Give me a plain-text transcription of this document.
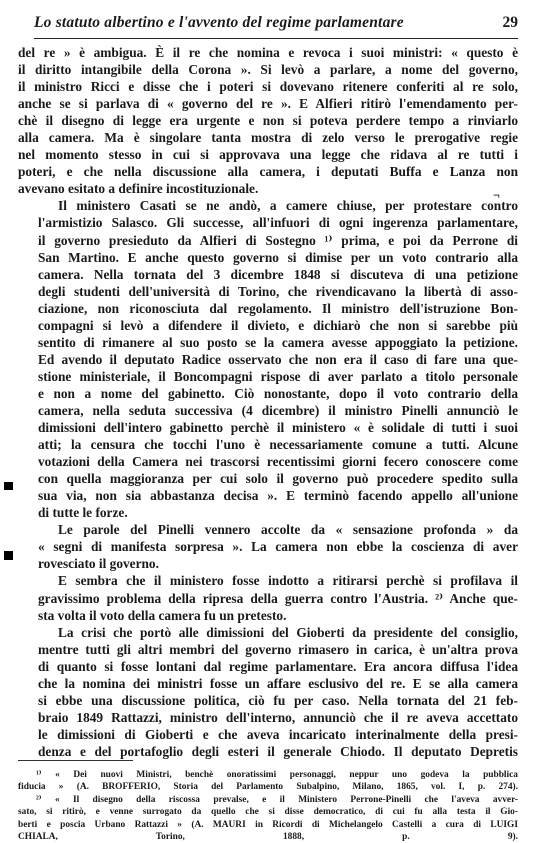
Lo statuto albertino e l'avvento del regime parlamentare	29

del re » è ambigua. È il re che nomina e revoca i suoi ministri: « questo è
il diritto intangibile della Corona ». Si levò a parlare, a nome del governo,
il ministro Ricci e disse che i poteri si dovevano ritenere conferiti al re solo,
anche se si parlava di « governo del re ». E Alfieri ritirò l'emendamento per-
chè il disegno di legge era urgente e non si poteva perdere tempo a rinviarlo
alla camera. Ma è singolare tanta mostra di zelo verso le prerogative regie
nel momento stesso in cui si approvava una legge che ridava al re tutti i
poteri, e che nella discussione alla camera, i deputati Buffa e Lanza non
avevano esitato a definire incostituzionale.

Il ministero Casati se ne andò, a camere chiuse, per protestare contro
l'armistizio Salasco. Gli successe, all'infuori di ogni ingerenza parlamentare,
il governo presieduto da Alfieri di Sostegno ¹⁾ prima, e poi da Perrone di
San Martino. E anche questo governo si dimise per un voto contrario alla
camera. Nella tornata del 3 dicembre 1848 si discuteva di una petizione
degli studenti dell'università di Torino, che rivendicavano la libertà di asso-
ciazione, non riconosciuta dal regolamento. Il ministro dell'istruzione Bon-
compagni si levò a difendere il divieto, e dichiarò che non si sarebbe più
sentito di rimanere al suo posto se la camera avesse appoggiato la petizione.
Ed avendo il deputato Radice osservato che non era il caso di fare una que-
stione ministeriale, il Boncompagni rispose di aver parlato a titolo personale
e non a nome del gabinetto. Ciò nonostante, dopo il voto contrario della
camera, nella seduta successiva (4 dicembre) il ministro Pinelli annunciò le
dimissioni dell'intero gabinetto perchè il ministero « è solidale di tutti i suoi
atti; la censura che tocchi l'uno è necessariamente comune a tutti. Alcune
votazioni della Camera nei trascorsi recentissimi giorni fecero conoscere come
con quella maggioranza per cui solo il governo può procedere spedito sulla
sua via, non sia abbastanza decisa ». E terminò facendo appello all'unione
di tutte le forze.

Le parole del Pinelli vennero accolte da « sensazione profonda » da
« segni di manifesta sorpresa ». La camera non ebbe la coscienza di aver
rovesciato il governo.

E sembra che il ministero fosse indotto a ritirarsi perchè si profilava il
gravissimo problema della ripresa della guerra contro l'Austria. ²⁾ Anche que-
sta volta il voto della camera fu un pretesto.

La crisi che portò alle dimissioni del Gioberti da presidente del consiglio,
mentre tutti gli altri membri del governo rimasero in carica, è un'altra prova
di quanto si fosse lontani dal regime parlamentare. Era ancora diffusa l'idea
che la nomina dei ministri fosse un affare esclusivo del re. E se alla camera
si ebbe una discussione politica, ciò fu per caso. Nella tornata del 21 feb-
braio 1849 Rattazzi, ministro dell'interno, annunciò che il re aveva accettato
le dimissioni di Gioberti e che aveva incaricato interinalmente della presi-
denza e del portafoglio degli esteri il generale Chiodo. Il deputato Depretis

¹⁾ « Dei nuovi Ministri, benchè onoratissimi personaggi, neppur uno godeva la pubblica
fiducia » (A. BROFFERIO, Storia del Parlamento Subalpino, Milano, 1865, vol. I, p. 274).

²⁾ « Il disegno della riscossa prevalse, e il Ministero Perrone-Pinelli che l'aveva avver-
sato, si ritirò, e venne surrogato da quello che si disse democratico, di cui fu alla testa il Gio-
berti e poscia Urbano Rattazzi » (A. MAURI in Ricordi di Michelangelo Castelli a cura di LUIGI
CHIALA, Torino, 1888, p. 9).

¬
